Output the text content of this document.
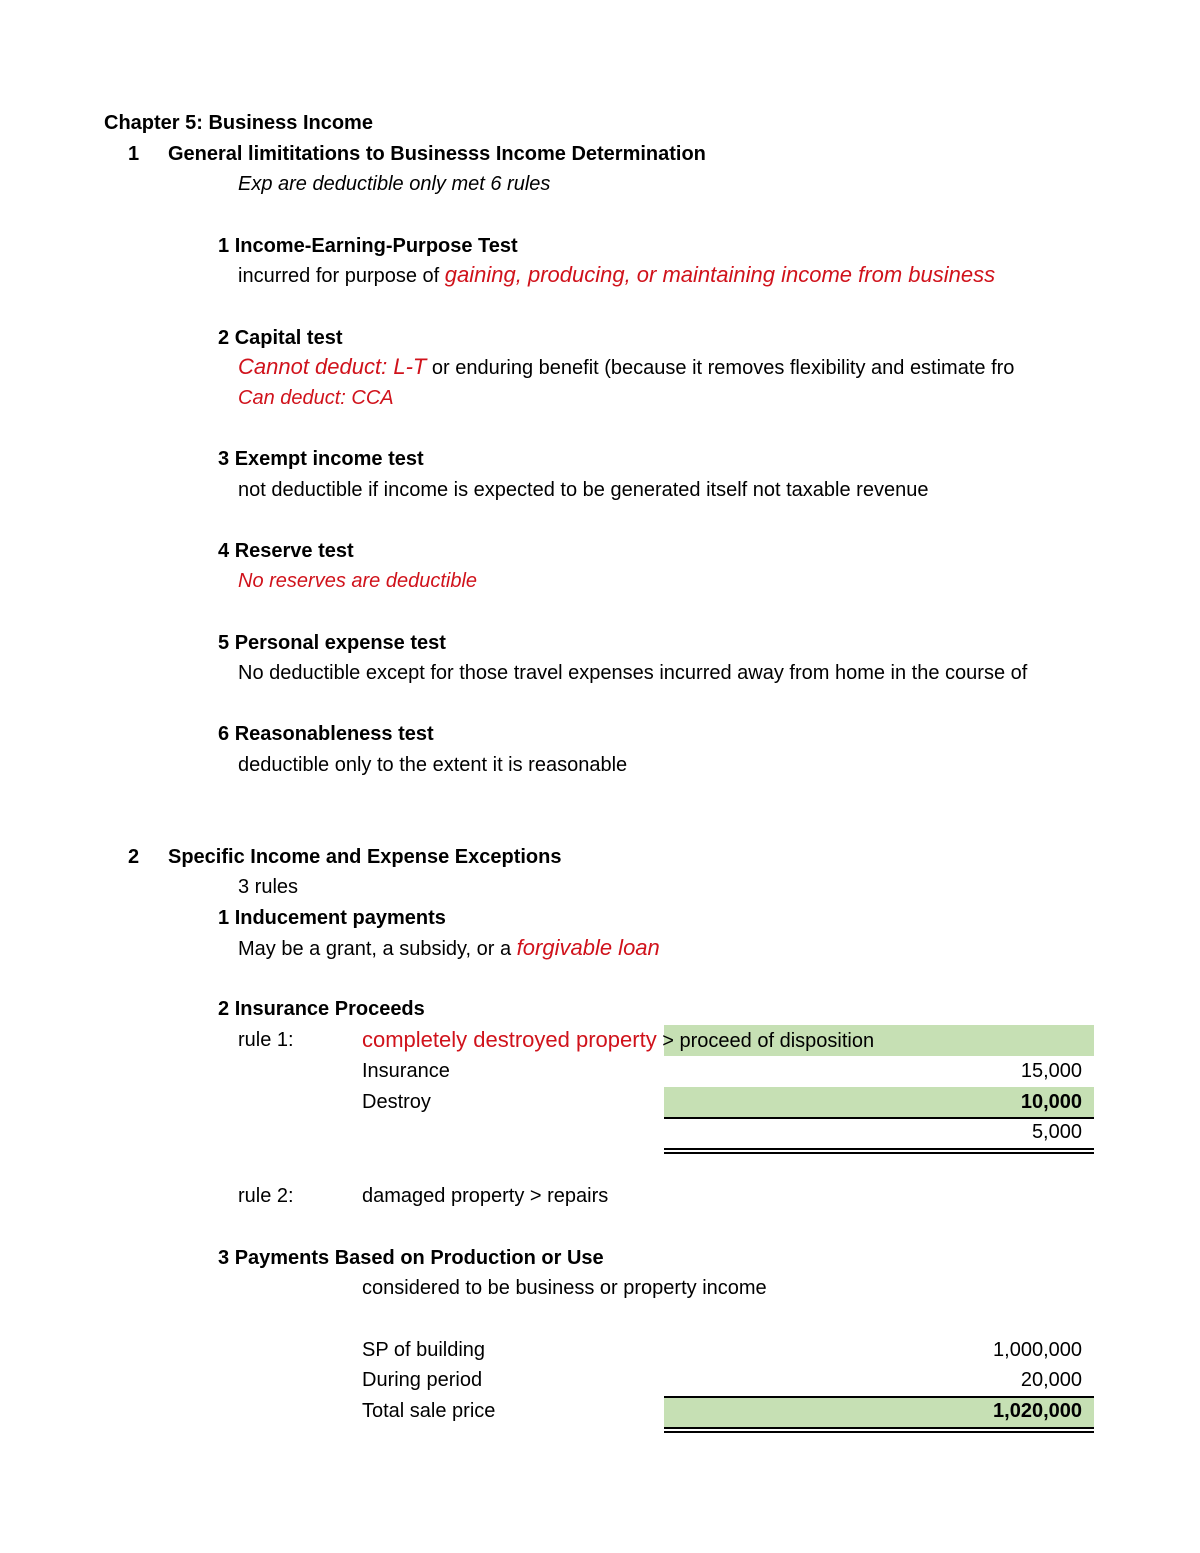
Chapter 5: Business Income
1 General limititations to Businesss Income Determination
Exp are deductible only met 6 rules
1 Income-Earning-Purpose Test
incurred for purpose of gaining, producing, or maintaining income from business
2 Capital test
Cannot deduct: L-T or enduring benefit (because it removes flexibility and estimate fro
Can deduct: CCA
3 Exempt income test
not deductible if income is expected to be generated itself not taxable revenue
4 Reserve test
No reserves are deductible
5 Personal expense test
No deductible except for those travel expenses incurred away from home in the course of
6 Reasonableness test
deductible only to the extent it is reasonable
2 Specific Income and Expense Exceptions
3 rules
1 Inducement payments
May be a grant, a subsidy, or a forgivable loan
2 Insurance Proceeds
rule 1:	completely destroyed property > proceed of disposition
Insurance	15,000
Destroy	10,000
5,000
rule 2:	damaged property > repairs
3 Payments Based on Production or Use
considered to be business or property income
SP of building	1,000,000
During period	20,000
Total sale price	1,020,000
